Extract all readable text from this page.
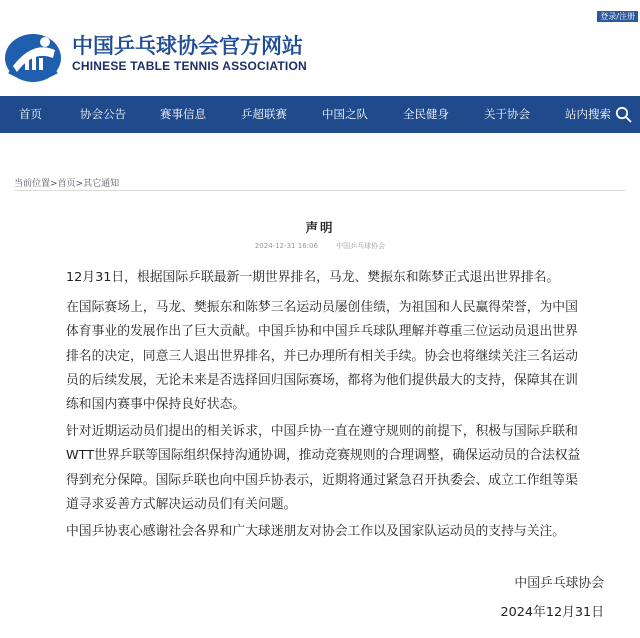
登录/注册
中国乒乓球协会官方网站
CHINESE TABLE TENNIS ASSOCIATION
首页	协会公告	赛事信息	乒超联赛	中国之队	全民健身	关于协会	站内搜索
当前位置>首页>其它通知
声明
2024-12-31 16:06	中国乒乓球协会

12月31日，根据国际乒联最新一期世界排名，马龙、樊振东和陈梦正式退出世界排名。

在国际赛场上，马龙、樊振东和陈梦三名运动员屡创佳绩，为祖国和人民赢得荣誉，为中国体育事业的发展作出了巨大贡献。中国乒协和中国乒乓球队理解并尊重三位运动员退出世界排名的决定，同意三人退出世界排名，并已办理所有相关手续。协会也将继续关注三名运动员的后续发展，无论未来是否选择回归国际赛场，都将为他们提供最大的支持，保障其在训练和国内赛事中保持良好状态。

针对近期运动员们提出的相关诉求，中国乒协一直在遵守规则的前提下，积极与国际乒联和WTT世界乒联等国际组织保持沟通协调，推动竞赛规则的合理调整，确保运动员的合法权益得到充分保障。国际乒联也向中国乒协表示，近期将通过紧急召开执委会、成立工作组等渠道寻求妥善方式解决运动员们有关问题。

中国乒协衷心感谢社会各界和广大球迷朋友对协会工作以及国家队运动员的支持与关注。

中国乒乓球协会
2024年12月31日
